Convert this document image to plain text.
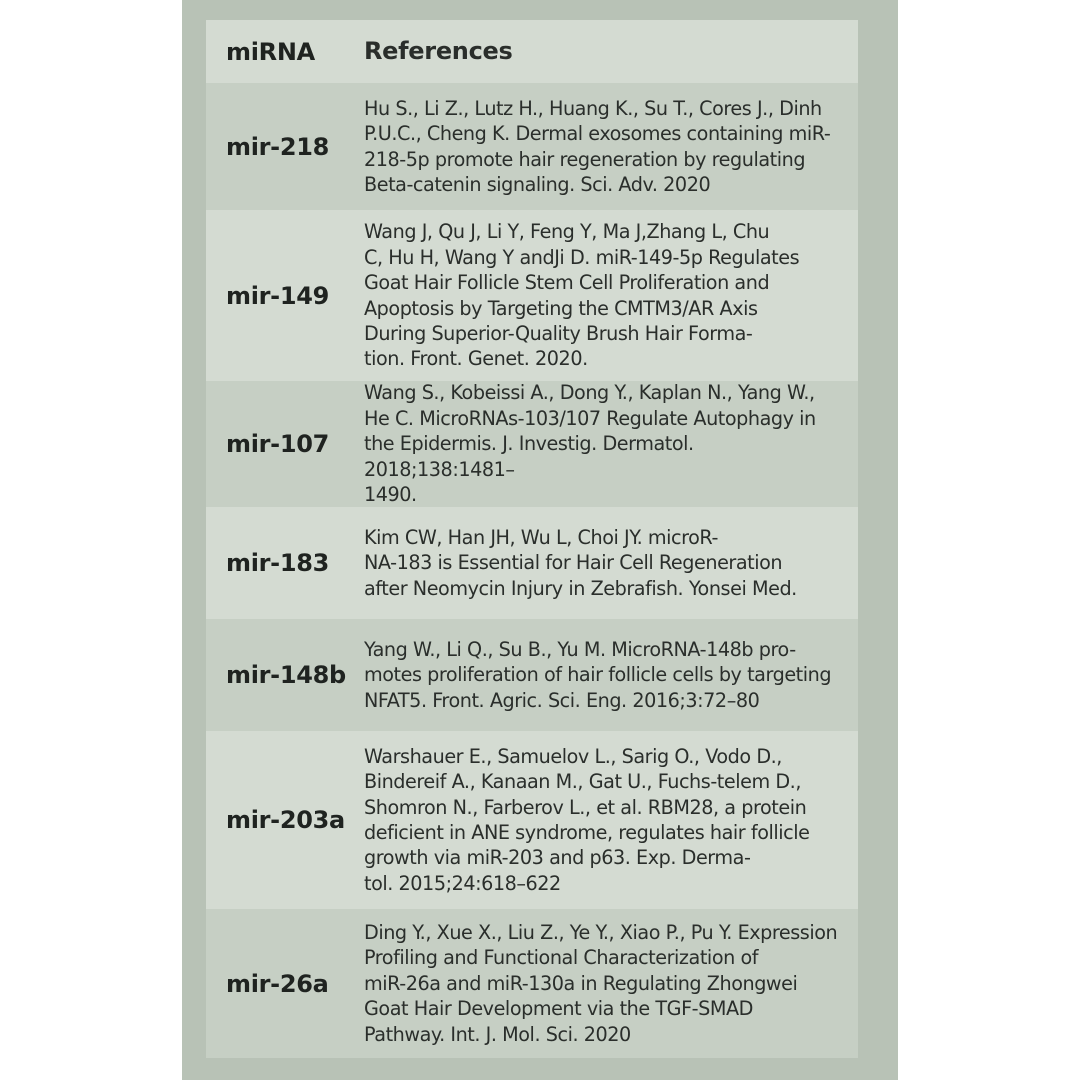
miRNA	References
mir-218
Hu S., Li Z., Lutz H., Huang K., Su T., Cores J., Dinh
P.U.C., Cheng K. Dermal exosomes containing miR-
218-5p promote hair regeneration by regulating
Beta-catenin signaling. Sci. Adv. 2020
mir-149
Wang J, Qu J, Li Y, Feng Y, Ma J,Zhang L, Chu
C, Hu H, Wang Y andJi D. miR-149-5p Regulates
Goat Hair Follicle Stem Cell Proliferation and
Apoptosis by Targeting the CMTM3/AR Axis
During Superior-Quality Brush Hair Forma-
tion. Front. Genet. 2020.
mir-107
Wang S., Kobeissi A., Dong Y., Kaplan N., Yang W.,
He C. MicroRNAs-103/107 Regulate Autophagy in
the Epidermis. J. Investig. Dermatol. 2018;138:1481–
1490.
mir-183
Kim CW, Han JH, Wu L, Choi JY. microR-
NA-183 is Essential for Hair Cell Regeneration
after Neomycin Injury in Zebrafish. Yonsei Med.
mir-148b
Yang W., Li Q., Su B., Yu M. MicroRNA-148b pro-
motes proliferation of hair follicle cells by targeting
NFAT5. Front. Agric. Sci. Eng. 2016;3:72–80
mir-203a
Warshauer E., Samuelov L., Sarig O., Vodo D.,
Bindereif A., Kanaan M., Gat U., Fuchs-telem D.,
Shomron N., Farberov L., et al. RBM28, a protein
deficient in ANE syndrome, regulates hair follicle
growth via miR-203 and p63. Exp. Derma-
tol. 2015;24:618–622
mir-26a
Ding Y., Xue X., Liu Z., Ye Y., Xiao P., Pu Y. Expression
Profiling and Functional Characterization of
miR-26a and miR-130a in Regulating Zhongwei
Goat Hair Development via the TGF-SMAD
Pathway. Int. J. Mol. Sci. 2020
